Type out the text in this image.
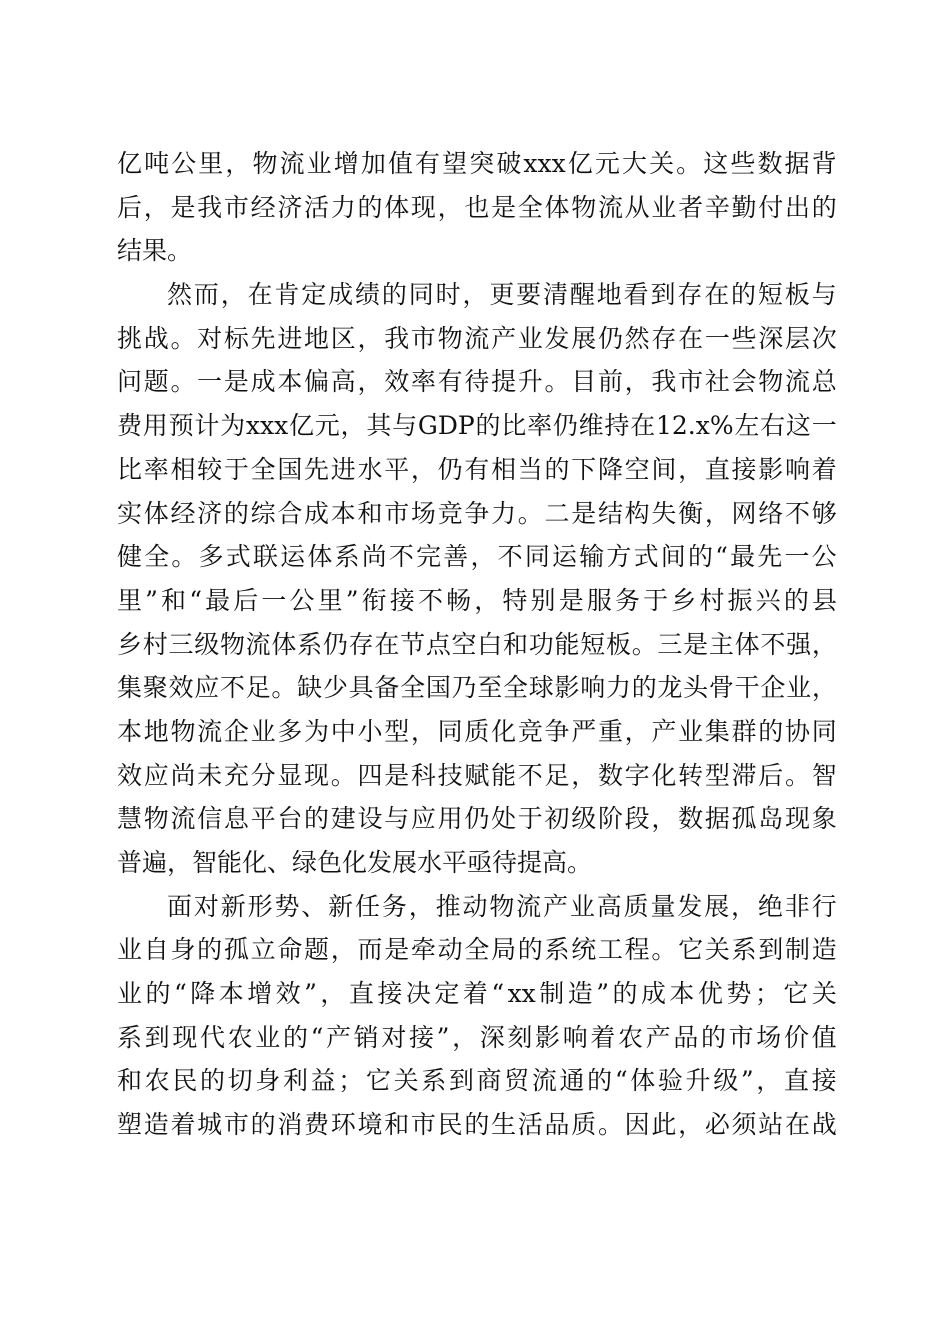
亿 吨 公 里 ， 物 流 业 增 加 值 有 望 突 破 xxx 亿 元 大 关 。 这 些 数 据 背
后 ， 是 我 市 经 济 活 力 的 体 现 ， 也 是 全 体 物 流 从 业 者 辛 勤 付 出 的
结果。
然 而 ， 在 肯 定 成 绩 的 同 时 ， 更 要 清 醒 地 看 到 存 在 的 短 板 与
挑 战 。 对 标 先 进 地 区 ， 我 市 物 流 产 业 发 展 仍 然 存 在 一 些 深 层 次
问 题 。 一 是 成 本 偏 高 ， 效 率 有 待 提 升 。 目 前 ， 我 市 社 会 物 流 总
费 用 预 计 为 xxx 亿 元 ， 其 与 GDP 的 比 率 仍 维 持 在 12.x% 左 右 这 一
比 率 相 较 于 全 国 先 进 水 平 ， 仍 有 相 当 的 下 降 空 间 ， 直 接 影 响 着
实 体 经 济 的 综 合 成 本 和 市 场 竞 争 力 。 二 是 结 构 失 衡 ， 网 络 不 够
健 全 。 多 式 联 运 体 系 尚 不 完 善 ， 不 同 运 输 方 式 间 的 “ 最 先 一 公
里 ” 和 “ 最 后 一 公 里 ” 衔 接 不 畅 ， 特 别 是 服 务 于 乡 村 振 兴 的 县
乡 村 三 级 物 流 体 系 仍 存 在 节 点 空 白 和 功 能 短 板 。 三 是 主 体 不 强 ，
集 聚 效 应 不 足 。 缺 少 具 备 全 国 乃 至 全 球 影 响 力 的 龙 头 骨 干 企 业 ，
本 地 物 流 企 业 多 为 中 小 型 ， 同 质 化 竞 争 严 重 ， 产 业 集 群 的 协 同
效 应 尚 未 充 分 显 现 。 四 是 科 技 赋 能 不 足 ， 数 字 化 转 型 滞 后 。 智
慧 物 流 信 息 平 台 的 建 设 与 应 用 仍 处 于 初 级 阶 段 ， 数 据 孤 岛 现 象
普遍，智能化、绿色化发展水平亟待提高。
面 对 新 形 势 、 新 任 务 ， 推 动 物 流 产 业 高 质 量 发 展 ， 绝 非 行
业 自 身 的 孤 立 命 题 ， 而 是 牵 动 全 局 的 系 统 工 程 。 它 关 系 到 制 造
业 的 “ 降 本 增 效 ” ， 直 接 决 定 着 “ xx 制 造 ” 的 成 本 优 势 ； 它 关
系 到 现 代 农 业 的 “ 产 销 对 接 ” ， 深 刻 影 响 着 农 产 品 的 市 场 价 值
和 农 民 的 切 身 利 益 ； 它 关 系 到 商 贸 流 通 的 “ 体 验 升 级 ” ， 直 接
塑 造 着 城 市 的 消 费 环 境 和 市 民 的 生 活 品 质 。 因 此 ， 必 须 站 在 战
